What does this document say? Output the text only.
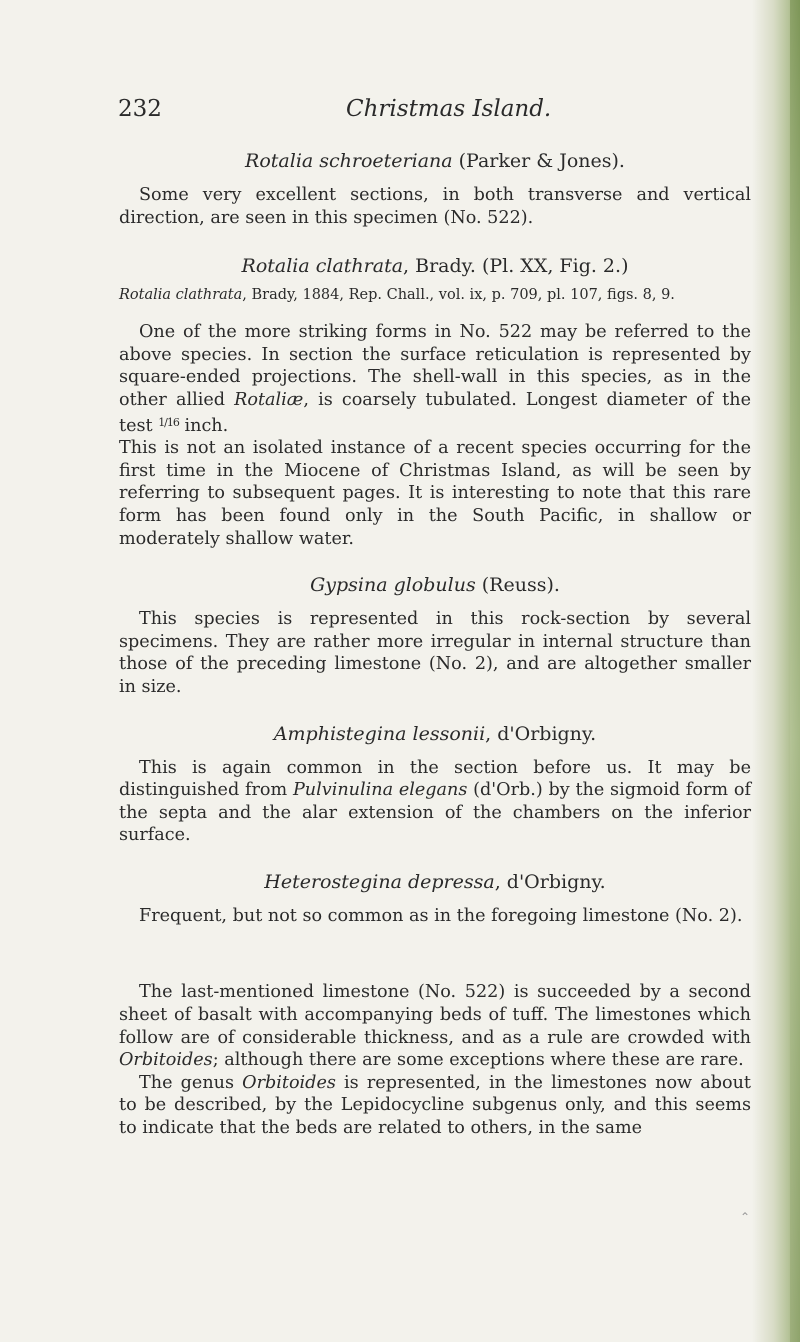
232	Christmas Island.

Rotalia schroeteriana (Parker & Jones).

Some very excellent sections, in both transverse and vertical direction, are seen in this specimen (No. 522).

Rotalia clathrata, Brady. (Pl. XX, Fig. 2.)

Rotalia clathrata, Brady, 1884, Rep. Chall., vol. ix, p. 709, pl. 107, figs. 8, 9.

One of the more striking forms in No. 522 may be referred to the above species. In section the surface reticulation is represented by square-ended projections. The shell-wall in this species, as in the other allied Rotaliæ, is coarsely tubulated. Longest diameter of the test $^{1/16}$ inch.

This is not an isolated instance of a recent species occurring for the first time in the Miocene of Christmas Island, as will be seen by referring to subsequent pages. It is interesting to note that this rare form has been found only in the South Pacific, in shallow or moderately shallow water.

Gypsina globulus (Reuss).

This species is represented in this rock-section by several specimens. They are rather more irregular in internal structure than those of the preceding limestone (No. 2), and are altogether smaller in size.

Amphistegina lessonii, d'Orbigny.

This is again common in the section before us. It may be distinguished from Pulvinulina elegans (d'Orb.) by the sigmoid form of the septa and the alar extension of the chambers on the inferior surface.

Heterostegina depressa, d'Orbigny.

Frequent, but not so common as in the foregoing limestone (No. 2).

The last-mentioned limestone (No. 522) is succeeded by a second sheet of basalt with accompanying beds of tuff. The limestones which follow are of considerable thickness, and as a rule are crowded with Orbitoides; although there are some exceptions where these are rare.

The genus Orbitoides is represented, in the limestones now about to be described, by the Lepidocycline subgenus only, and this seems to indicate that the beds are related to others, in the same

⌃
